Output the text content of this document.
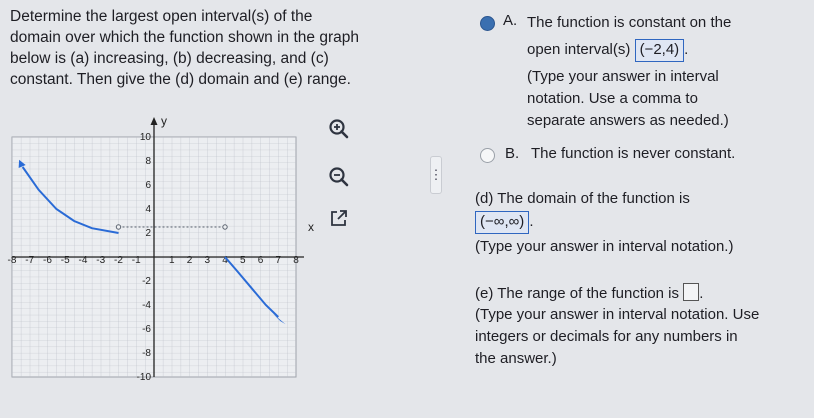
Determine the largest open interval(s) of the
domain over which the function shown in the graph
below is (a) increasing, (b) decreasing, and (c)
constant. Then give the (d) domain and (e) range.
y
x
-8 -7 -6 -5 -4 -3 -2 -1	1 2 3 4 5 6 7 8
10
8
6
4
2
-2
-4
-6
-8
-10
⋮
A. The function is constant on the
open interval(s) (−2,4) .
(Type your answer in interval
notation. Use a comma to
separate answers as needed.)
B. The function is never constant.
(d) The domain of the function is
(−∞,∞) .
(Type your answer in interval notation.)
(e) The range of the function is .
(Type your answer in interval notation. Use
integers or decimals for any numbers in
the answer.)
